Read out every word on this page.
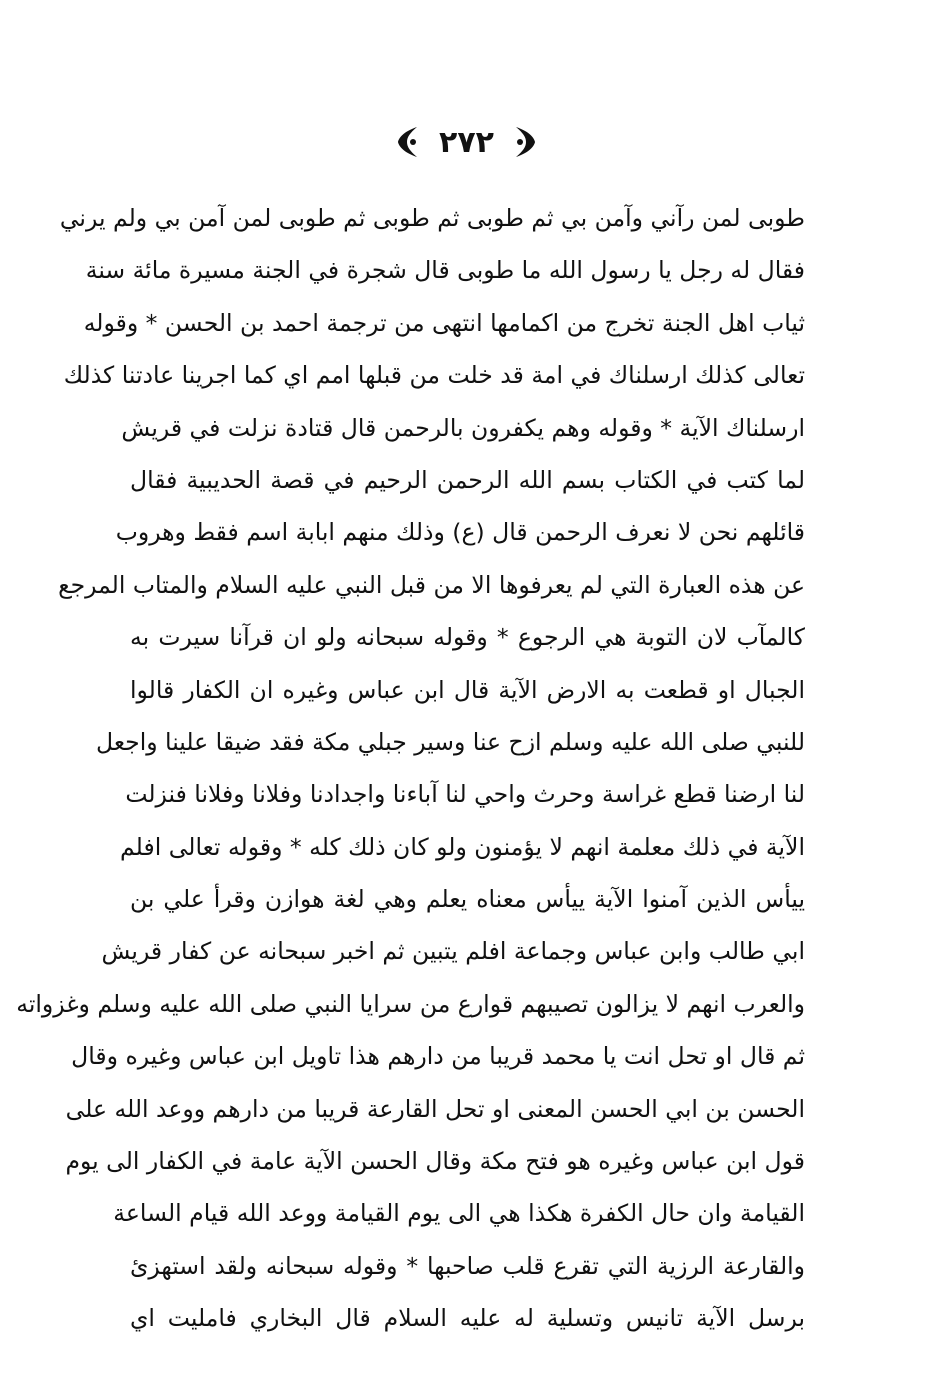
٢٧٢
طوبى لمن رآني وآمن بي ثم طوبى ثم طوبى ثم طوبى لمن آمن بي ولم يرني
فقال له رجل يا رسول الله ما طوبى قال شجرة في الجنة مسيرة مائة سنة
ثياب اهل الجنة تخرج من اكمامها انتهى من ترجمة احمد بن الحسن * وقوله
تعالى كذلك ارسلناك في امة قد خلت من قبلها امم اي كما اجرينا عادتنا كذلك
ارسلناك الآية * وقوله وهم يكفرون بالرحمن قال قتادة نزلت في قريش
لما كتب في الكتاب بسم الله الرحمن الرحيم في قصة الحديبية فقال
قائلهم نحن لا نعرف الرحمن قال (ع) وذلك منهم ابابة اسم فقط وهروب
عن هذه العبارة التي لم يعرفوها الا من قبل النبي عليه السلام والمتاب المرجع
كالمآب لان التوبة هي الرجوع * وقوله سبحانه ولو ان قرآنا سيرت به
الجبال او قطعت به الارض الآية قال ابن عباس وغيره ان الكفار قالوا
للنبي صلى الله عليه وسلم ازح عنا وسير جبلي مكة فقد ضيقا علينا واجعل
لنا ارضنا قطع غراسة وحرث واحي لنا آباءنا واجدادنا وفلانا وفلانا فنزلت
الآية في ذلك معلمة انهم لا يؤمنون ولو كان ذلك كله * وقوله تعالى افلم
ييأس الذين آمنوا الآية ييأس معناه يعلم وهي لغة هوازن وقرأ علي بن
ابي طالب وابن عباس وجماعة افلم يتبين ثم اخبر سبحانه عن كفار قريش
والعرب انهم لا يزالون تصيبهم قوارع من سرايا النبي صلى الله عليه وسلم وغزواته
ثم قال او تحل انت يا محمد قريبا من دارهم هذا تاويل ابن عباس وغيره وقال
الحسن بن ابي الحسن المعنى او تحل القارعة قريبا من دارهم ووعد الله على
قول ابن عباس وغيره هو فتح مكة وقال الحسن الآية عامة في الكفار الى يوم
القيامة وان حال الكفرة هكذا هي الى يوم القيامة ووعد الله قيام الساعة
والقارعة الرزية التي تقرع قلب صاحبها * وقوله سبحانه ولقد استهزئ
برسل الآية تانيس وتسلية له عليه السلام قال البخاري فامليت اي
